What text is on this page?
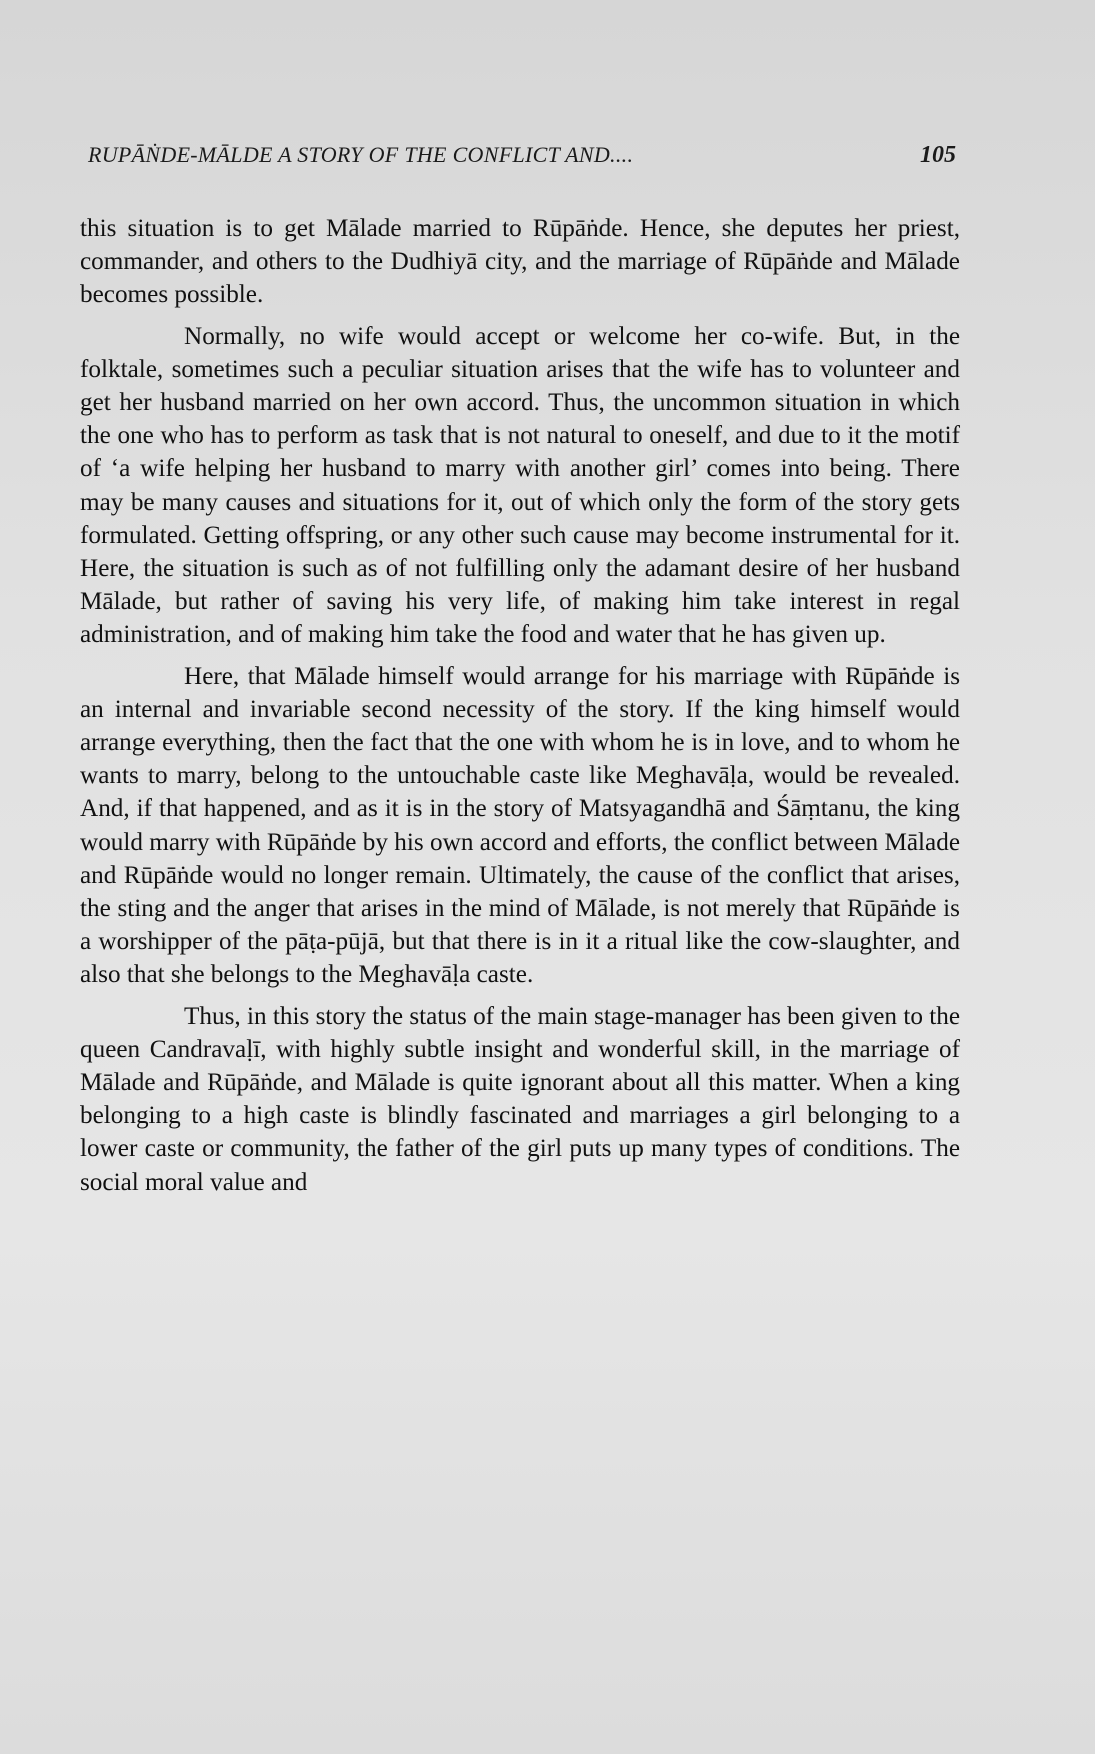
RUPĀṄDE-MĀLDE A STORY OF THE CONFLICT AND....	105

this situation is to get Mālade married to Rūpāṅde. Hence, she deputes her priest, commander, and others to the Dudhiyā city, and the marriage of Rūpāṅde and Mālade becomes possible.

Normally, no wife would accept or welcome her co-wife. But, in the folktale, sometimes such a peculiar situation arises that the wife has to volunteer and get her husband married on her own accord. Thus, the uncommon situation in which the one who has to perform as task that is not natural to oneself, and due to it the motif of ‘a wife helping her husband to marry with another girl’ comes into being. There may be many causes and situations for it, out of which only the form of the story gets formulated. Getting offspring, or any other such cause may become instrumental for it. Here, the situation is such as of not fulfilling only the adamant desire of her husband Mālade, but rather of saving his very life, of making him take interest in regal administration, and of making him take the food and water that he has given up.

Here, that Mālade himself would arrange for his marriage with Rūpāṅde is an internal and invariable second necessity of the story. If the king himself would arrange everything, then the fact that the one with whom he is in love, and to whom he wants to marry, belong to the untouchable caste like Meghavāḷa, would be revealed. And, if that happened, and as it is in the story of Matsyagandhā and Śāṃtanu, the king would marry with Rūpāṅde by his own accord and efforts, the conflict between Mālade and Rūpāṅde would no longer remain. Ultimately, the cause of the conflict that arises, the sting and the anger that arises in the mind of Mālade, is not merely that Rūpāṅde is a worshipper of the pāṭa-pūjā, but that there is in it a ritual like the cow-slaughter, and also that she belongs to the Meghavāḷa caste.

Thus, in this story the status of the main stage-manager has been given to the queen Candravaḷī, with highly subtle insight and wonderful skill, in the marriage of Mālade and Rūpāṅde, and Mālade is quite ignorant about all this matter. When a king belonging to a high caste is blindly fascinated and marriages a girl belonging to a lower caste or community, the father of the girl puts up many types of conditions. The social moral value and
